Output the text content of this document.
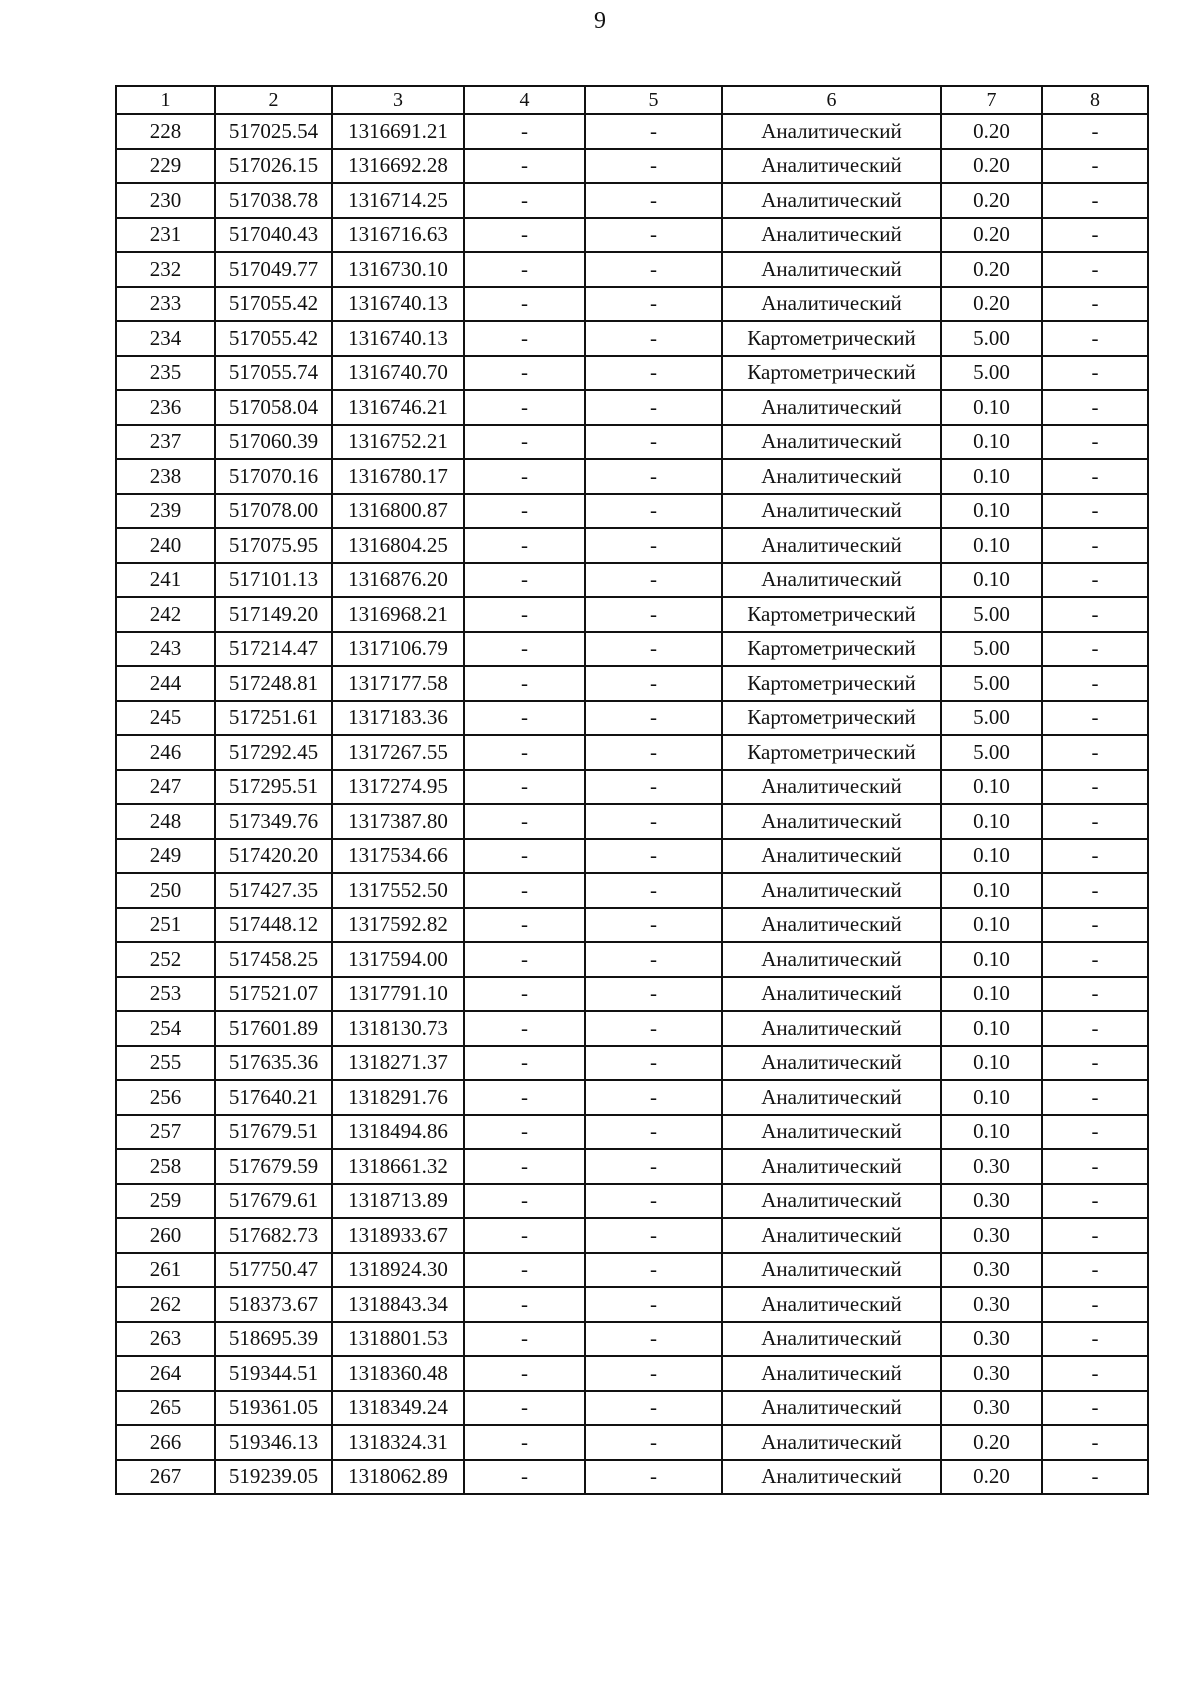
9
1	2	3	4	5	6	7	8
228	517025.54	1316691.21	-	-	Аналитический	0.20	-
229	517026.15	1316692.28	-	-	Аналитический	0.20	-
230	517038.78	1316714.25	-	-	Аналитический	0.20	-
231	517040.43	1316716.63	-	-	Аналитический	0.20	-
232	517049.77	1316730.10	-	-	Аналитический	0.20	-
233	517055.42	1316740.13	-	-	Аналитический	0.20	-
234	517055.42	1316740.13	-	-	Картометрический	5.00	-
235	517055.74	1316740.70	-	-	Картометрический	5.00	-
236	517058.04	1316746.21	-	-	Аналитический	0.10	-
237	517060.39	1316752.21	-	-	Аналитический	0.10	-
238	517070.16	1316780.17	-	-	Аналитический	0.10	-
239	517078.00	1316800.87	-	-	Аналитический	0.10	-
240	517075.95	1316804.25	-	-	Аналитический	0.10	-
241	517101.13	1316876.20	-	-	Аналитический	0.10	-
242	517149.20	1316968.21	-	-	Картометрический	5.00	-
243	517214.47	1317106.79	-	-	Картометрический	5.00	-
244	517248.81	1317177.58	-	-	Картометрический	5.00	-
245	517251.61	1317183.36	-	-	Картометрический	5.00	-
246	517292.45	1317267.55	-	-	Картометрический	5.00	-
247	517295.51	1317274.95	-	-	Аналитический	0.10	-
248	517349.76	1317387.80	-	-	Аналитический	0.10	-
249	517420.20	1317534.66	-	-	Аналитический	0.10	-
250	517427.35	1317552.50	-	-	Аналитический	0.10	-
251	517448.12	1317592.82	-	-	Аналитический	0.10	-
252	517458.25	1317594.00	-	-	Аналитический	0.10	-
253	517521.07	1317791.10	-	-	Аналитический	0.10	-
254	517601.89	1318130.73	-	-	Аналитический	0.10	-
255	517635.36	1318271.37	-	-	Аналитический	0.10	-
256	517640.21	1318291.76	-	-	Аналитический	0.10	-
257	517679.51	1318494.86	-	-	Аналитический	0.10	-
258	517679.59	1318661.32	-	-	Аналитический	0.30	-
259	517679.61	1318713.89	-	-	Аналитический	0.30	-
260	517682.73	1318933.67	-	-	Аналитический	0.30	-
261	517750.47	1318924.30	-	-	Аналитический	0.30	-
262	518373.67	1318843.34	-	-	Аналитический	0.30	-
263	518695.39	1318801.53	-	-	Аналитический	0.30	-
264	519344.51	1318360.48	-	-	Аналитический	0.30	-
265	519361.05	1318349.24	-	-	Аналитический	0.30	-
266	519346.13	1318324.31	-	-	Аналитический	0.20	-
267	519239.05	1318062.89	-	-	Аналитический	0.20	-
